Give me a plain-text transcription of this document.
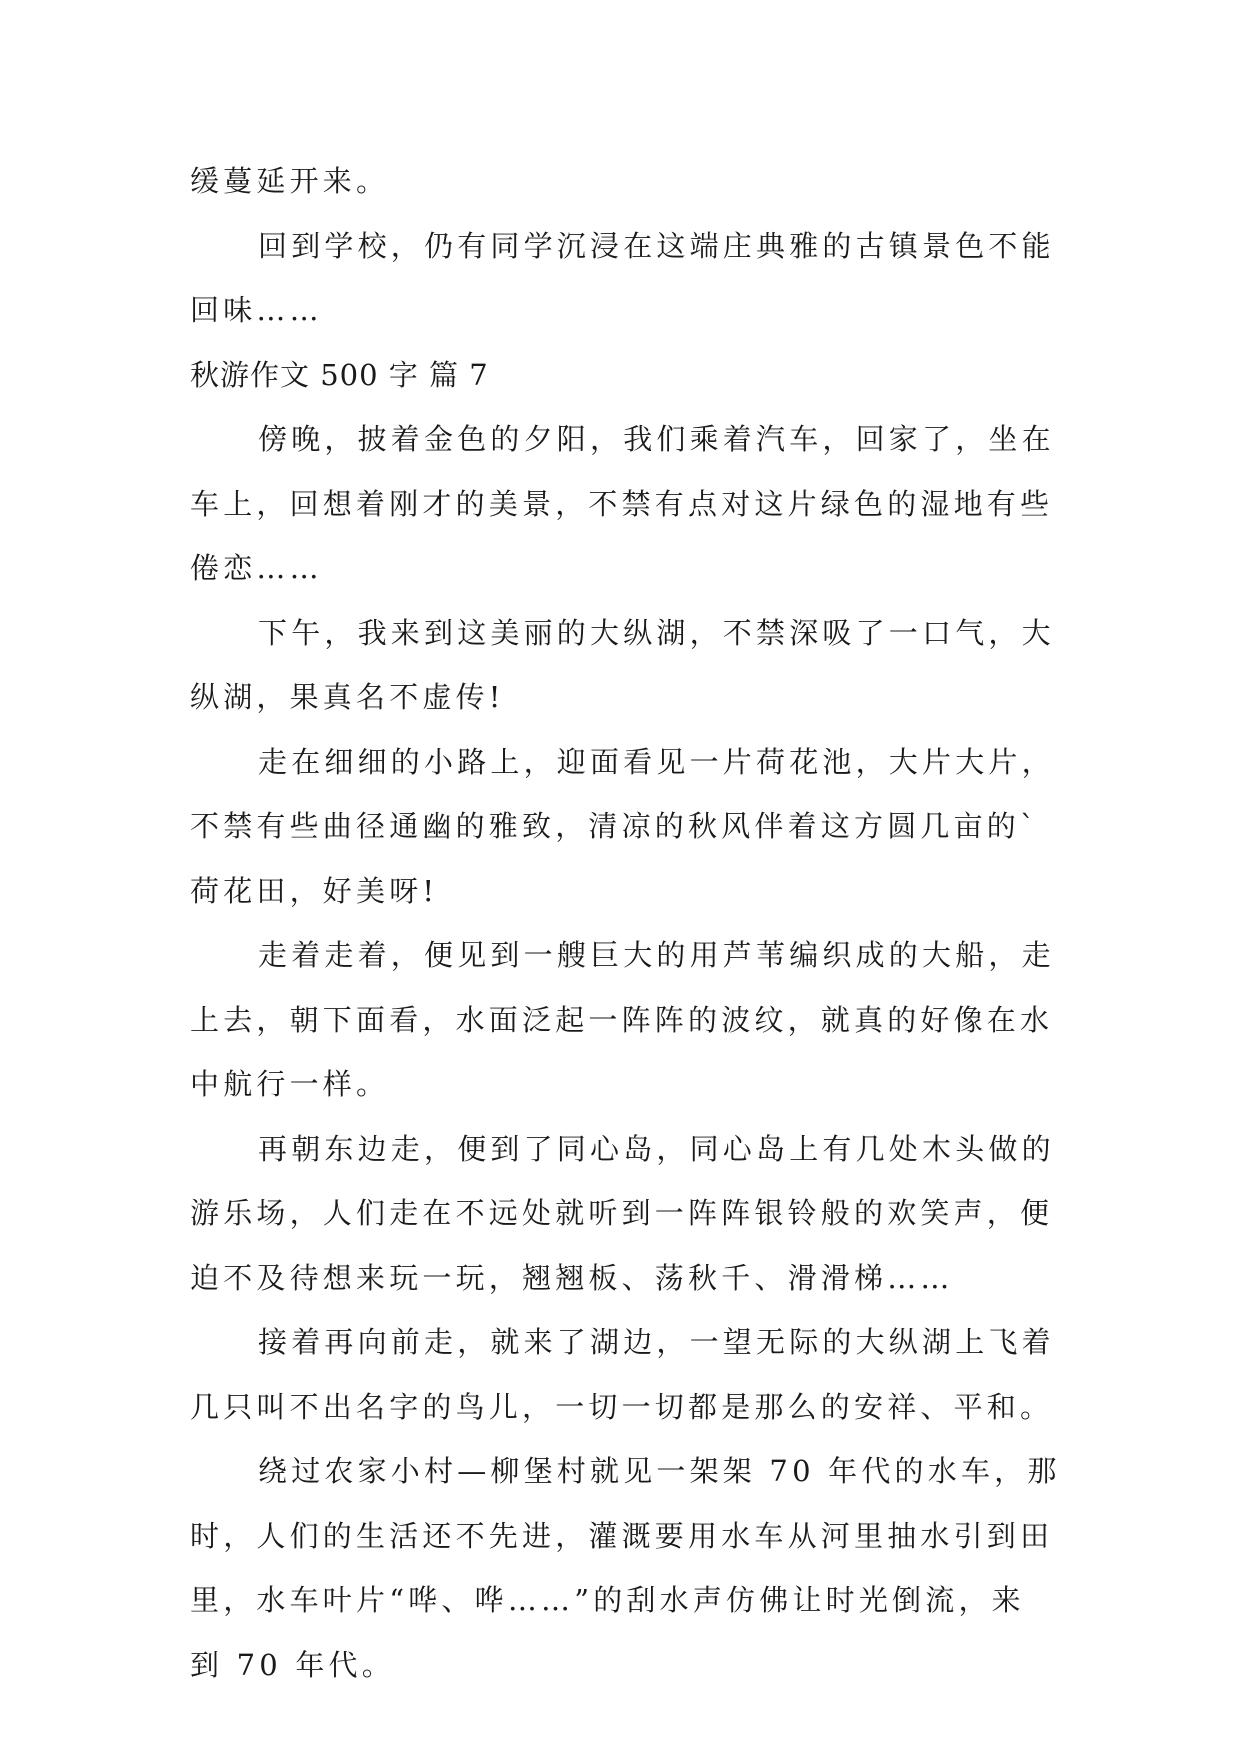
缓蔓延开来。
回到学校，仍有同学沉浸在这端庄典雅的古镇景色不能
回味……
秋游作文 500 字 篇 7
傍晚，披着金色的夕阳，我们乘着汽车，回家了，坐在
车上，回想着刚才的美景，不禁有点对这片绿色的湿地有些
倦恋……
下午，我来到这美丽的大纵湖，不禁深吸了一口气，大
纵湖，果真名不虚传!
走在细细的小路上，迎面看见一片荷花池，大片大片，
不禁有些曲径通幽的雅致，清凉的秋风伴着这方圆几亩的`
荷花田，好美呀!
走着走着，便见到一艘巨大的用芦苇编织成的大船，走
上去，朝下面看，水面泛起一阵阵的波纹，就真的好像在水
中航行一样。
再朝东边走，便到了同心岛，同心岛上有几处木头做的
游乐场，人们走在不远处就听到一阵阵银铃般的欢笑声，便
迫不及待想来玩一玩，翘翘板、荡秋千、滑滑梯……
接着再向前走，就来了湖边，一望无际的大纵湖上飞着
几只叫不出名字的鸟儿，一切一切都是那么的安祥、平和。
绕过农家小村—柳堡村就见一架架 70 年代的水车，那
时，人们的生活还不先进，灌溉要用水车从河里抽水引到田
里，水车叶片“哗、哗……”的刮水声仿佛让时光倒流，来
到 70 年代。
